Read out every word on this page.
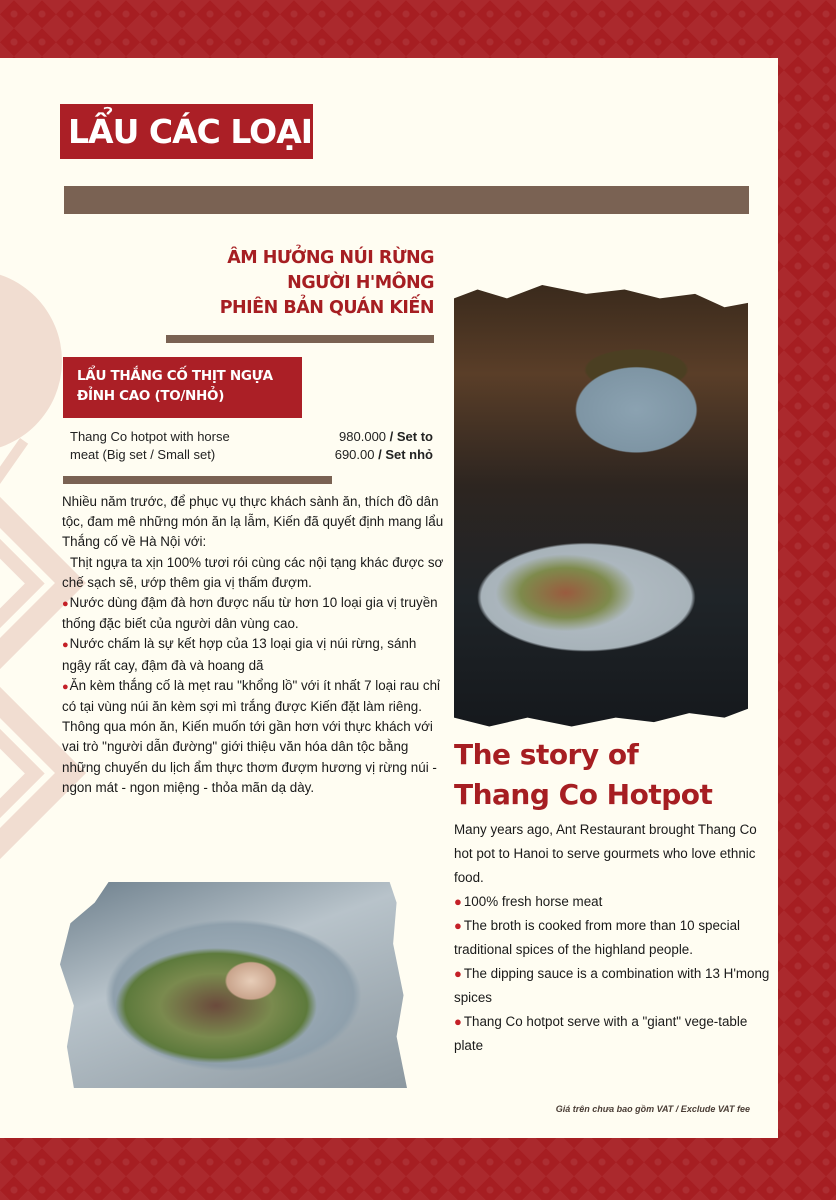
LẨU CÁC LOẠI
ÂM HƯỞNG NÚI RỪNG
NGƯỜI H'MÔNG
PHIÊN BẢN QUÁN KIẾN
LẨU THẮNG CỐ THỊT NGỰA
ĐỈNH CAO (TO/NHỎ)
Thang Co hotpot with horse
meat (Big set / Small set)
980.000 / Set to
690.00 / Set nhỏ

Nhiều năm trước, để phục vụ thực khách sành ăn, thích đồ dân tộc, đam mê những món ăn lạ lẫm, Kiến đã quyết định mang lẩu Thắng cố về Hà Nội với:

Thịt ngựa ta xịn 100% tươi rói cùng các nội tạng khác được sơ chế sạch sẽ, ướp thêm gia vị thấm đượm.

● Nước dùng đậm đà hơn được nấu từ hơn 10 loại gia vị truyền thống đặc biết của người dân vùng cao.

● Nước chấm là sự kết hợp của 13 loại gia vị núi rừng, sánh ngậy rất cay, đậm đà và hoang dã

● Ăn kèm thắng cố là mẹt rau "khổng lồ" với ít nhất 7 loại rau chỉ có tại vùng núi ăn kèm sợi mì trắng được Kiến đặt làm riêng.

Thông qua món ăn, Kiến muốn tới gần hơn với thực khách với vai trò "người dẫn đường" giới thiệu văn hóa dân tộc bằng những chuyến du lịch ẩm thực thơm đượm hương vị rừng núi - ngon mát - ngon miệng - thỏa mãn dạ dày.

The story of
Thang Co Hotpot

Many years ago, Ant Restaurant brought Thang Co hot pot to Hanoi to serve gourmets who love ethnic food.

● 100% fresh horse meat

● The broth is cooked from more than 10 special traditional spices of the highland people.

● The dipping sauce is a combination with 13 H'mong spices

● Thang Co hotpot serve with a "giant" vege-table plate

Giá trên chưa bao gồm VAT / Exclude VAT fee
